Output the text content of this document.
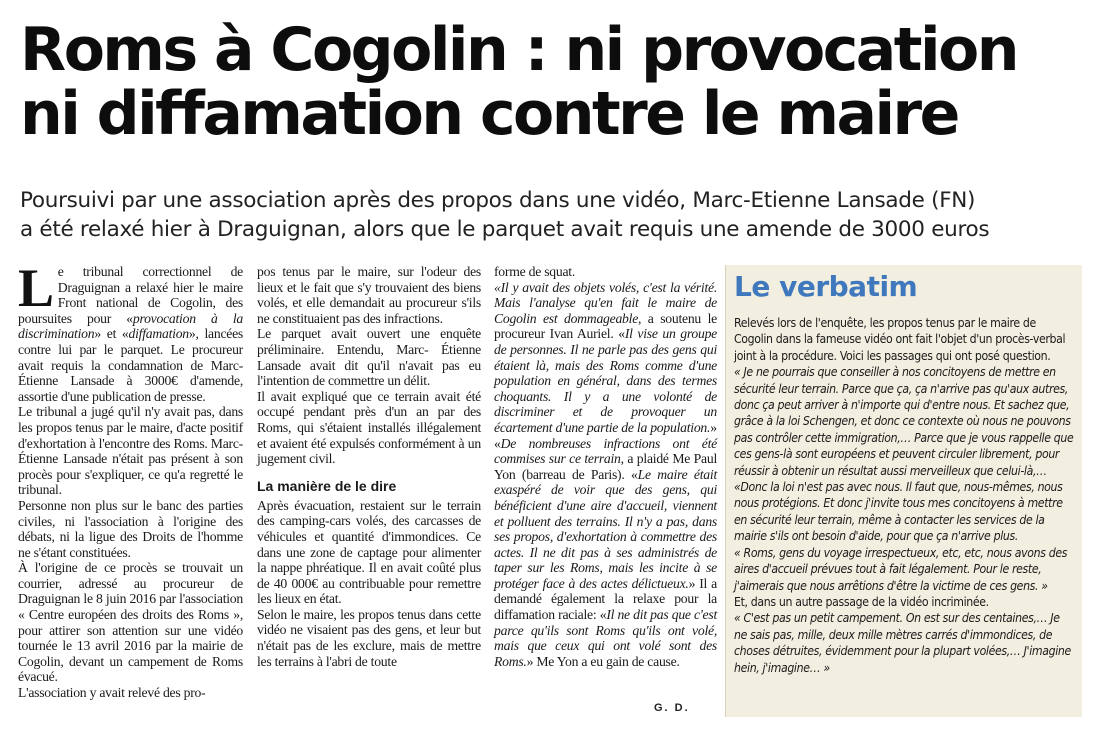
Roms à Cogolin : ni provocation
ni diffamation contre le maire
Poursuivi par une association après des propos dans une vidéo, Marc-Etienne Lansade (FN)
a été relaxé hier à Draguignan, alors que le parquet avait requis une amende de 3000 euros

Le tribunal correctionnel de Draguignan a relaxé hier le maire Front national de Cogolin, des poursuites pour «provocation à la discrimination» et «diffamation», lancées contre lui par le parquet. Le procureur avait requis la condamnation de Marc-Étienne Lansade à 3000€ d'amende, assortie d'une publication de presse.

Le tribunal a jugé qu'il n'y avait pas, dans les propos tenus par le maire, d'acte positif d'exhortation à l'encontre des Roms. Marc-Étienne Lansade n'était pas présent à son procès pour s'expliquer, ce qu'a regretté le tribunal.

Personne non plus sur le banc des parties civiles, ni l'association à l'origine des débats, ni la ligue des Droits de l'homme ne s'étant constituées.

À l'origine de ce procès se trouvait un courrier, adressé au procureur de Draguignan le 8 juin 2016 par l'association « Centre européen des droits des Roms », pour attirer son attention sur une vidéo tournée le 13 avril 2016 par la mairie de Cogolin, devant un campement de Roms évacué.

L'association y avait relevé des pro-

pos tenus par le maire, sur l'odeur des lieux et le fait que s'y trouvaient des biens volés, et elle demandait au procureur s'ils ne constituaient pas des infractions.

Le parquet avait ouvert une enquête préliminaire. Entendu, Marc- Étienne Lansade avait dit qu'il n'avait pas eu l'intention de commettre un délit.

Il avait expliqué que ce terrain avait été occupé pendant près d'un an par des Roms, qui s'étaient installés illégalement et avaient été expulsés conformément à un jugement civil.

La manière de le dire

Après évacuation, restaient sur le terrain des camping-cars volés, des carcasses de véhicules et quantité d'immondices. Ce dans une zone de captage pour alimenter la nappe phréatique. Il en avait coûté plus de 40 000€ au contribuable pour remettre les lieux en état.

Selon le maire, les propos tenus dans cette vidéo ne visaient pas des gens, et leur but n'était pas de les exclure, mais de mettre les terrains à l'abri de toute

forme de squat.

«Il y avait des objets volés, c'est la vérité. Mais l'analyse qu'en fait le maire de Cogolin est dommageable, a soutenu le procureur Ivan Auriel. «Il vise un groupe de personnes. Il ne parle pas des gens qui étaient là, mais des Roms comme d'une population en général, dans des termes choquants. Il y a une volonté de discriminer et de provoquer un écartement d'une partie de la population.»

«De nombreuses infractions ont été commises sur ce terrain, a plaidé Me Paul Yon (barreau de Paris). «Le maire était exaspéré de voir que des gens, qui bénéficient d'une aire d'accueil, viennent et polluent des terrains. Il n'y a pas, dans ses propos, d'exhortation à commettre des actes. Il ne dit pas à ses administrés de taper sur les Roms, mais les incite à se protéger face à des actes délictueux.» Il a demandé également la relaxe pour la diffamation raciale: «Il ne dit pas que c'est parce qu'ils sont Roms qu'ils ont volé, mais que ceux qui ont volé sont des Roms.» Me Yon a eu gain de cause.

G. D.
Le verbatim

Relevés lors de l'enquête, les propos tenus par le maire de Cogolin dans la fameuse vidéo ont fait l'objet d'un procès-verbal joint à la procédure. Voici les passages qui ont posé question.

« Je ne pourrais que conseiller à nos concitoyens de mettre en sécurité leur terrain. Parce que ça, ça n'arrive pas qu'aux autres, donc ça peut arriver à n'importe qui d'entre nous. Et sachez que, grâce à la loi Schengen, et donc ce contexte où nous ne pouvons pas contrôler cette immigration,… Parce que je vous rappelle que ces gens-là sont européens et peuvent circuler librement, pour réussir à obtenir un résultat aussi merveilleux que celui-là,…

«Donc la loi n'est pas avec nous. Il faut que, nous-mêmes, nous nous protégions. Et donc j'invite tous mes concitoyens à mettre en sécurité leur terrain, même à contacter les services de la mairie s'ils ont besoin d'aide, pour que ça n'arrive plus.

« Roms, gens du voyage irrespectueux, etc, etc, nous avons des aires d'accueil prévues tout à fait légalement. Pour le reste, j'aimerais que nous arrêtions d'être la victime de ces gens. »

Et, dans un autre passage de la vidéo incriminée.

« C'est pas un petit campement. On est sur des centaines,… Je ne sais pas, mille, deux mille mètres carrés d'immondices, de choses détruites, évidemment pour la plupart volées,… J'imagine hein, j'imagine… »
